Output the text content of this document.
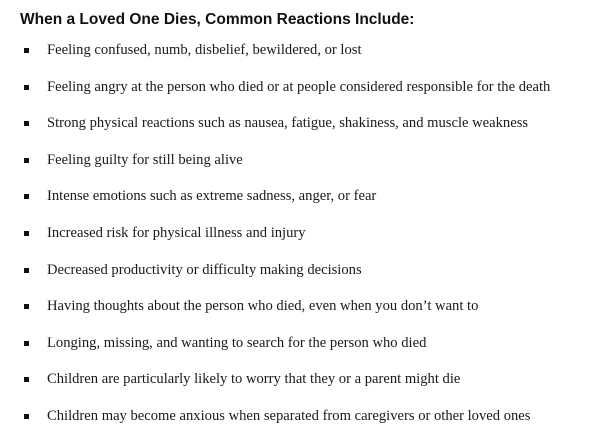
When a Loved One Dies, Common Reactions Include:
Feeling confused, numb, disbelief, bewildered, or lost
Feeling angry at the person who died or at people considered responsible for the death
Strong physical reactions such as nausea, fatigue, shakiness, and muscle weakness
Feeling guilty for still being alive
Intense emotions such as extreme sadness, anger, or fear
Increased risk for physical illness and injury
Decreased productivity or difficulty making decisions
Having thoughts about the person who died, even when you don’t want to
Longing, missing, and wanting to search for the person who died
Children are particularly likely to worry that they or a parent might die
Children may become anxious when separated from caregivers or other loved ones
